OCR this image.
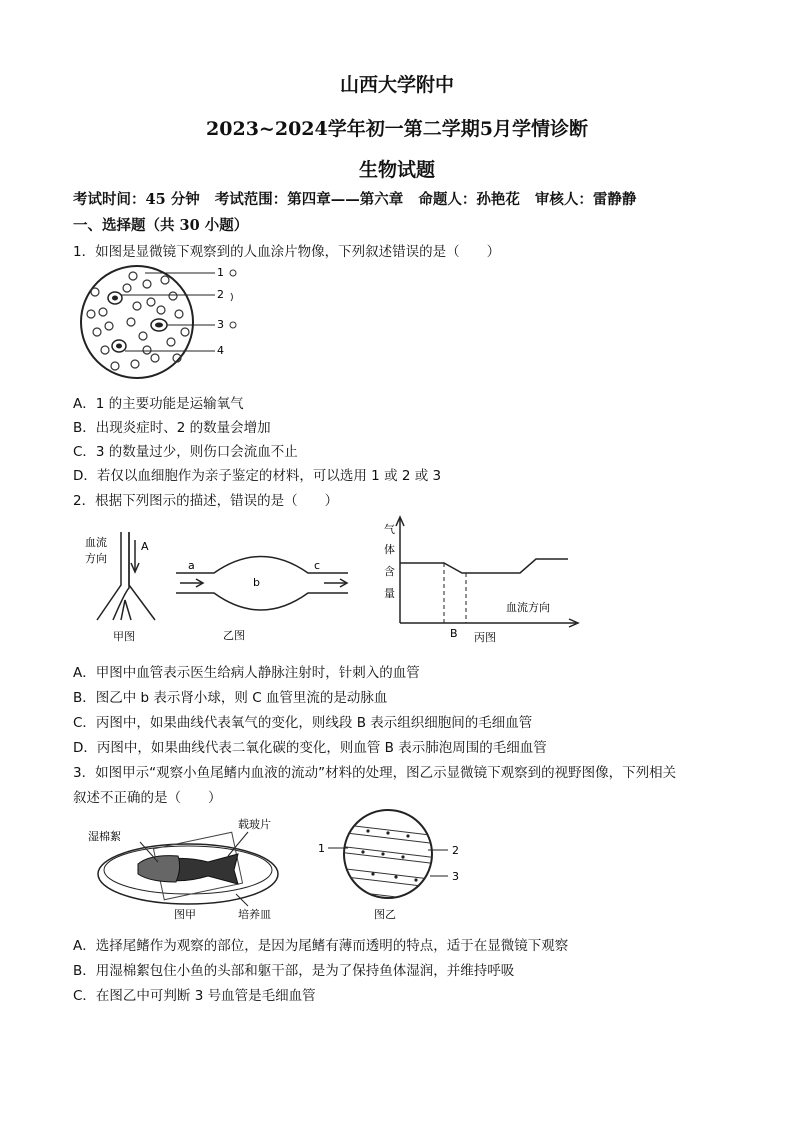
山西大学附中
2023~2024学年初一第二学期5月学情诊断
生物试题
考试时间：45 分钟 考试范围：第四章——第六章 命题人：孙艳花 审核人：雷静静
一、选择题（共 30 小题）
1．如图是显微镜下观察到的人血涂片物像，下列叙述错误的是（　　）
1
2
3
4
A．1 的主要功能是运输氧气
B．出现炎症时、2 的数量会增加
C．3 的数量过少，则伤口会流血不止
D．若仅以血细胞作为亲子鉴定的材料，可以选用 1 或 2 或 3
2．根据下列图示的描述，错误的是（　　）
血流
方向
A
甲图
a
b
c
乙图
气
体
含
量
血流方向
B 丙图
A．甲图中血管表示医生给病人静脉注射时，针刺入的血管
B．图乙中 b 表示肾小球，则 C 血管里流的是动脉血
C．丙图中，如果曲线代表氧气的变化，则线段 B 表示组织细胞间的毛细血管
D．丙图中，如果曲线代表二氧化碳的变化，则血管 B 表示肺泡周围的毛细血管
3．如图甲示“观察小鱼尾鳍内血液的流动”材料的处理，图乙示显微镜下观察到的视野图像，下列相关
叙述不正确的是（　　）
湿棉絮
载玻片
培养皿
图甲
1	2
3
图乙
A．选择尾鳍作为观察的部位，是因为尾鳍有薄而透明的特点，适于在显微镜下观察
B．用湿棉絮包住小鱼的头部和躯干部，是为了保持鱼体湿润，并维持呼吸
C．在图乙中可判断 3 号血管是毛细血管
